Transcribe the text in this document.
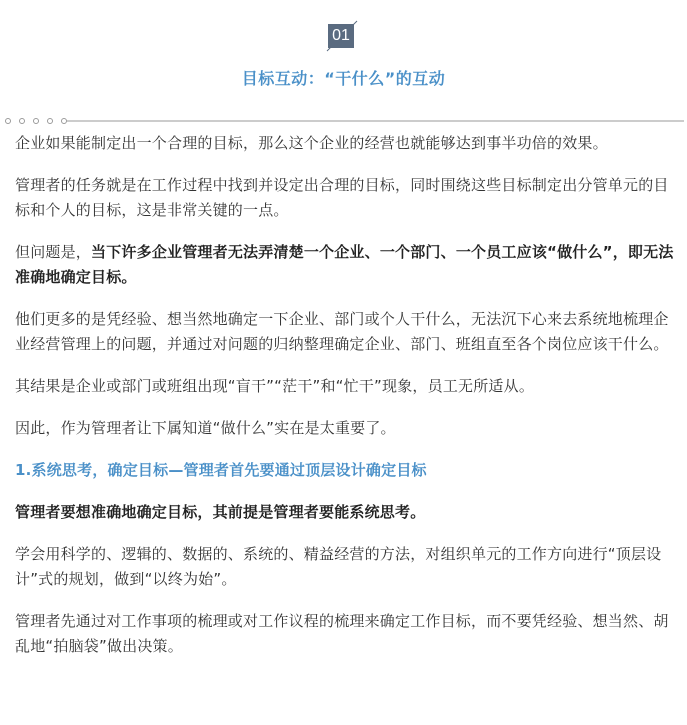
01
目标互动：“干什么”的互动

企业如果能制定出一个合理的目标，那么这个企业的经营也就能够达到事半功倍的效果。

管理者的任务就是在工作过程中找到并设定出合理的目标，同时围绕这些目标制定出分管单元的目标和个人的目标，这是非常关键的一点。

但问题是，当下许多企业管理者无法弄清楚一个企业、一个部门、一个员工应该“做什么”，即无法准确地确定目标。

他们更多的是凭经验、想当然地确定一下企业、部门或个人干什么，无法沉下心来去系统地梳理企业经营管理上的问题，并通过对问题的归纳整理确定企业、部门、班组直至各个岗位应该干什么。

其结果是企业或部门或班组出现“盲干”“茫干”和“忙干”现象，员工无所适从。

因此，作为管理者让下属知道“做什么”实在是太重要了。

1.系统思考，确定目标—管理者首先要通过顶层设计确定目标

管理者要想准确地确定目标，其前提是管理者要能系统思考。

学会用科学的、逻辑的、数据的、系统的、精益经营的方法，对组织单元的工作方向进行“顶层设计”式的规划，做到“以终为始”。

管理者先通过对工作事项的梳理或对工作议程的梳理来确定工作目标，而不要凭经验、想当然、胡乱地“拍脑袋”做出决策。
